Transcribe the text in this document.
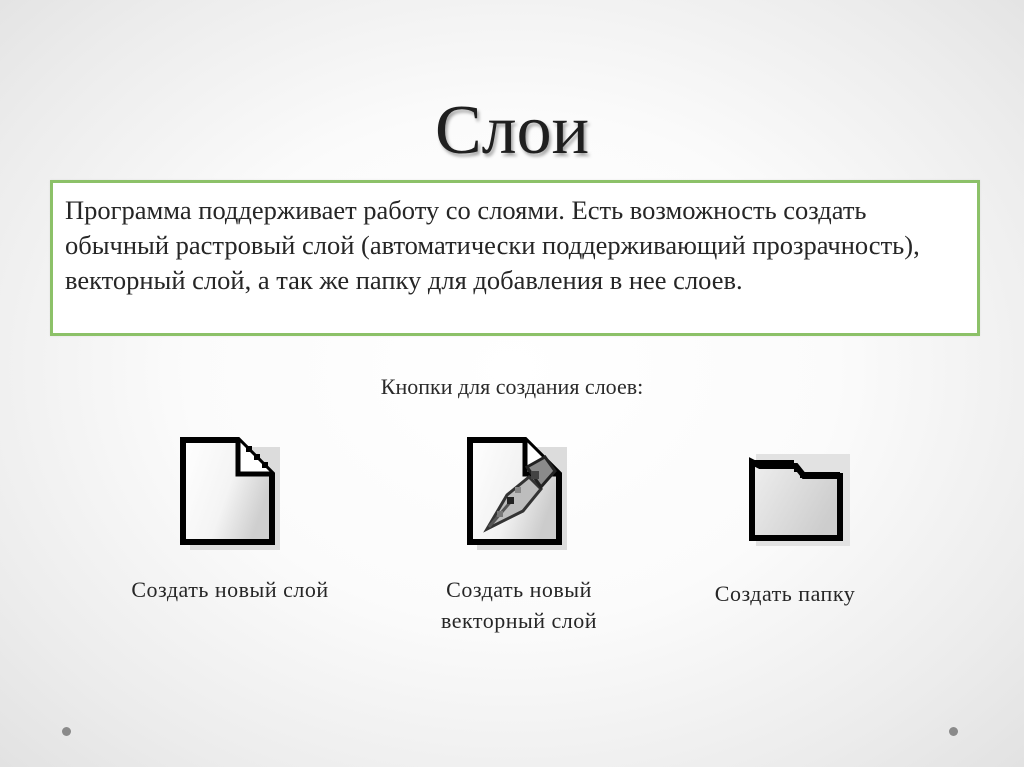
Слои
Программа поддерживает работу со слоями. Есть возможность создать обычный растровый слой (автоматически поддерживающий прозрачность), векторный слой, а так же папку для добавления в нее слоев.
Кнопки для создания слоев:
Создать новый слой	Создать новый векторный слой
Создать папку
